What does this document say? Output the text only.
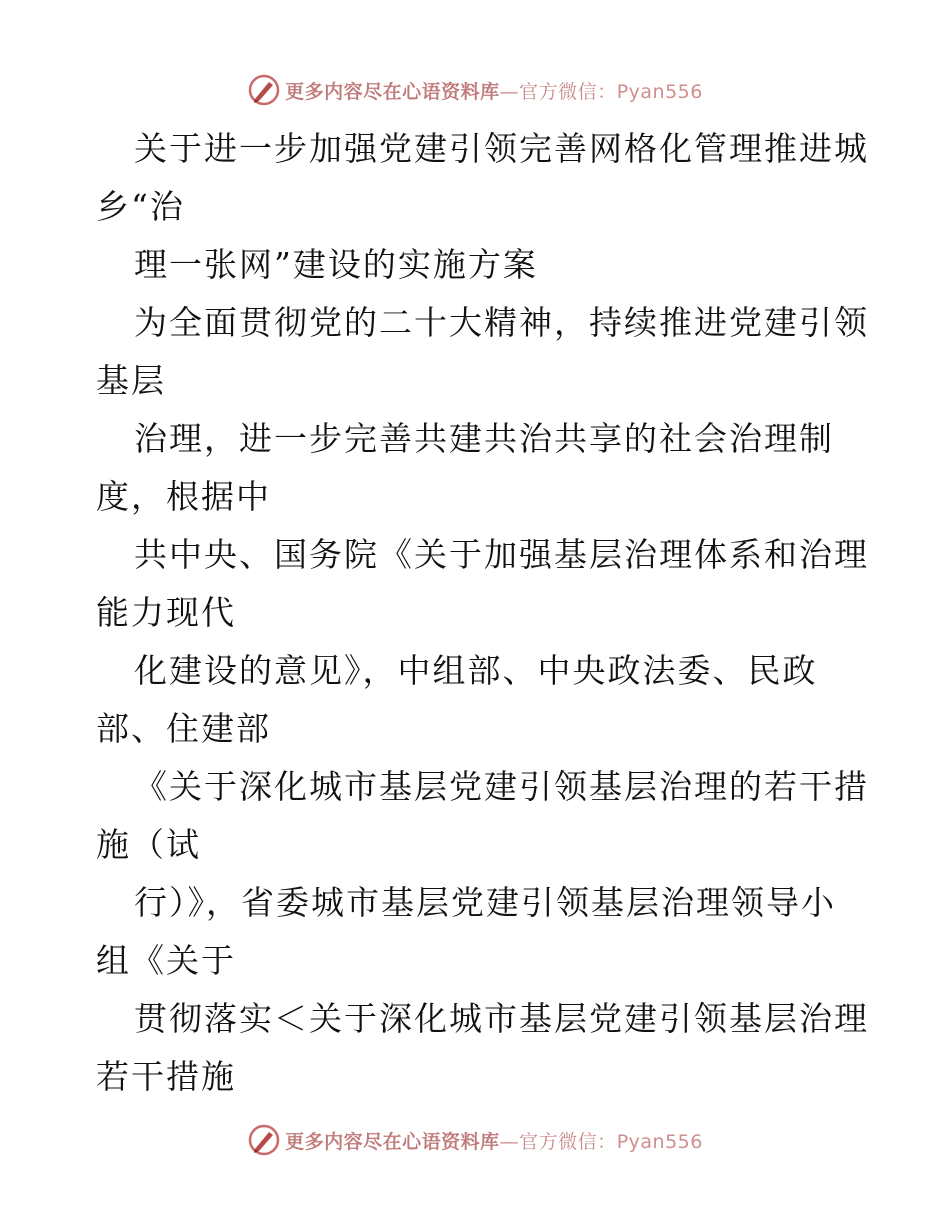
更多内容尽在心语资料库—官方微信：Pyan556
关于进一步加强党建引领完善网格化管理推进城
乡“治
理一张网”建设的实施方案
为全面贯彻党的二十大精神，持续推进党建引领
基层
治理，进一步完善共建共治共享的社会治理制
度，根据中
共中央、国务院《关于加强基层治理体系和治理
能力现代
化建设的意见》，中组部、中央政法委、民政
部、住建部
《关于深化城市基层党建引领基层治理的若干措
施（试
行）》，省委城市基层党建引领基层治理领导小
组《关于
贯彻落实＜关于深化城市基层党建引领基层治理
若干措施
更多内容尽在心语资料库—官方微信：Pyan556
